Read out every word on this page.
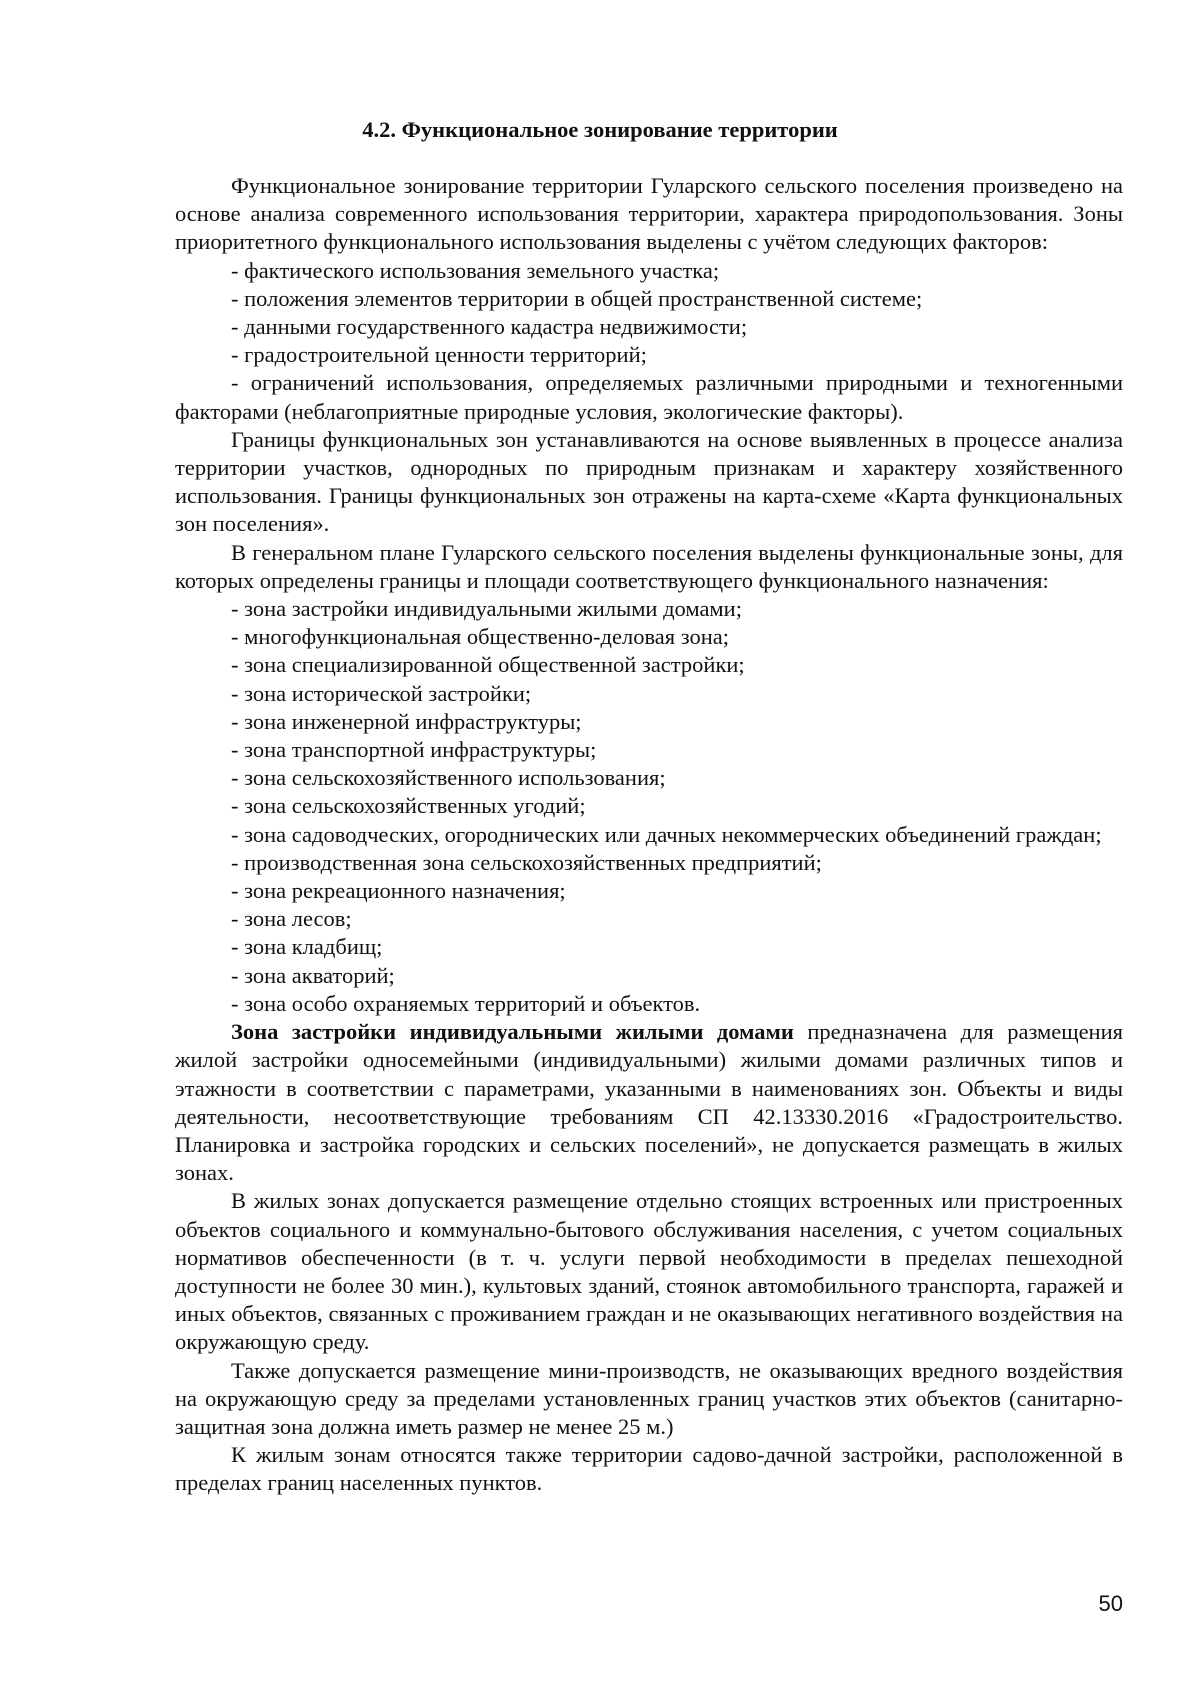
4.2. Функциональное зонирование территории

Функциональное зонирование территории Гуларского сельского поселения произведено на основе анализа современного использования территории, характера природопользования. Зоны приоритетного функционального использования выделены с учётом следующих факторов:

- фактического использования земельного участка;

- положения элементов территории в общей пространственной системе;

- данными государственного кадастра недвижимости;

- градостроительной ценности территорий;

- ограничений использования, определяемых различными природными и техногенными факторами (неблагоприятные природные условия, экологические факторы).

Границы функциональных зон устанавливаются на основе выявленных в процессе анализа территории участков, однородных по природным признакам и характеру хозяйственного использования. Границы функциональных зон отражены на карта-схеме «Карта функциональных зон поселения».

В генеральном плане Гуларского сельского поселения выделены функциональные зоны, для которых определены границы и площади соответствующего функционального назначения:

- зона застройки индивидуальными жилыми домами;

- многофункциональная общественно-деловая зона;

- зона специализированной общественной застройки;

- зона исторической застройки;

- зона инженерной инфраструктуры;

- зона транспортной инфраструктуры;

- зона сельскохозяйственного использования;

- зона сельскохозяйственных угодий;

- зона садоводческих, огороднических или дачных некоммерческих объединений граждан;

- производственная зона сельскохозяйственных предприятий;

- зона рекреационного назначения;

- зона лесов;

- зона кладбищ;

- зона акваторий;

- зона особо охраняемых территорий и объектов.

Зона застройки индивидуальными жилыми домами предназначена для размещения жилой застройки односемейными (индивидуальными) жилыми домами различных типов и этажности в соответствии с параметрами, указанными в наименованиях зон. Объекты и виды деятельности, несоответствующие требованиям СП 42.13330.2016 «Градостроительство. Планировка и застройка городских и сельских поселений», не допускается размещать в жилых зонах.

В жилых зонах допускается размещение отдельно стоящих встроенных или пристроенных объектов социального и коммунально-бытового обслуживания населения, с учетом социальных нормативов обеспеченности (в т. ч. услуги первой необходимости в пределах пешеходной доступности не более 30 мин.), культовых зданий, стоянок автомобильного транспорта, гаражей и иных объектов, связанных с проживанием граждан и не оказывающих негативного воздействия на окружающую среду.

Также допускается размещение мини-производств, не оказывающих вредного воздействия на окружающую среду за пределами установленных границ участков этих объектов (санитарно-защитная зона должна иметь размер не менее 25 м.)

К жилым зонам относятся также территории садово-дачной застройки, расположенной в пределах границ населенных пунктов.

50
